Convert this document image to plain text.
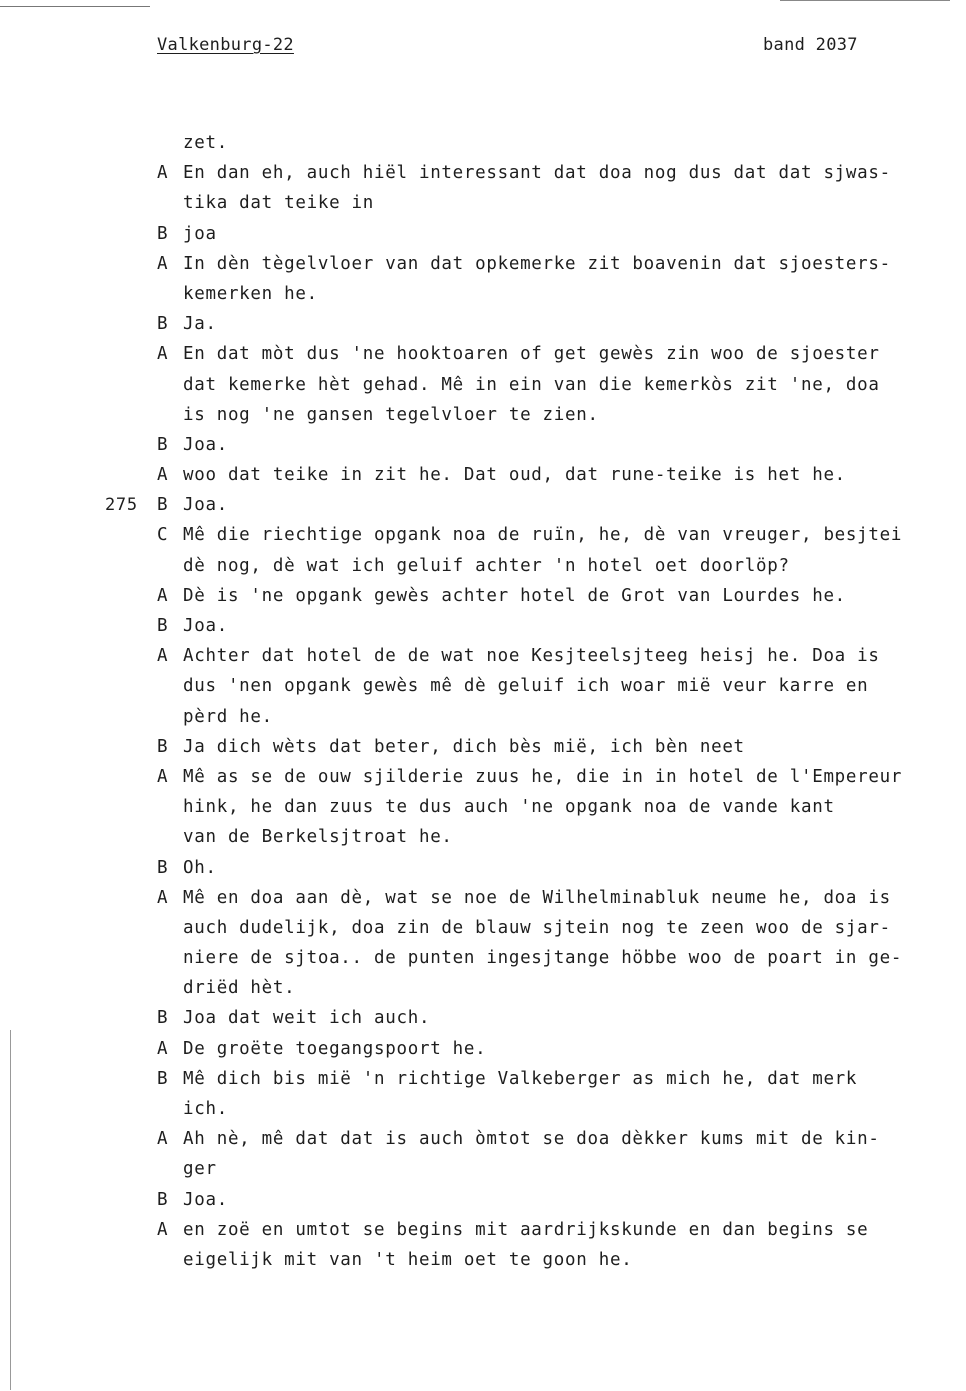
Valkenburg-22	band 2037
zet.
A En dan eh, auch hiël interessant dat doa nog dus dat dat sjwas-
tika dat teike in
B joa
A In dèn tègelvloer van dat opkemerke zit boavenin dat sjoesters-
kemerken he.
B Ja.
A En dat mòt dus 'ne hooktoaren of get gewès zin woo de sjoester
dat kemerke hèt gehad. Mê in ein van die kemerkòs zit 'ne, doa
is nog 'ne gansen tegelvloer te zien.
B Joa.
A woo dat teike in zit he. Dat oud, dat rune-teike is het he.
275 B Joa.
C Mê die riechtige opgank noa de ruïn, he, dè van vreuger, besjtei
dè nog, dè wat ich geluif achter 'n hotel oet doorlöp?
A Dè is 'ne opgank gewès achter hotel de Grot van Lourdes he.
B Joa.
A Achter dat hotel de de wat noe Kesjteelsjteeg heisj he. Doa is
dus 'nen opgank gewès mê dè geluif ich woar mië veur karre en
pèrd he.
B Ja dich wèts dat beter, dich bès mië, ich bèn neet
A Mê as se de ouw sjilderie zuus he, die in in hotel de l'Empereur
hink, he dan zuus te dus auch 'ne opgank noa de vande kant
van de Berkelsjtroat he.
B Oh.
A Mê en doa aan dè, wat se noe de Wilhelminabluk neume he, doa is
auch dudelijk, doa zin de blauw sjtein nog te zeen woo de sjar-
niere de sjtoa.. de punten ingesjtange höbbe woo de poart in ge-
driëd hèt.
B Joa dat weit ich auch.
A De groëte toegangspoort he.
B Mê dich bis mië 'n richtige Valkeberger as mich he, dat merk
ich.
A Ah nè, mê dat dat is auch òmtot se doa dèkker kums mit de kin-
ger
B Joa.
A en zoë en umtot se begins mit aardrijkskunde en dan begins se
eigelijk mit van 't heim oet te goon he.
